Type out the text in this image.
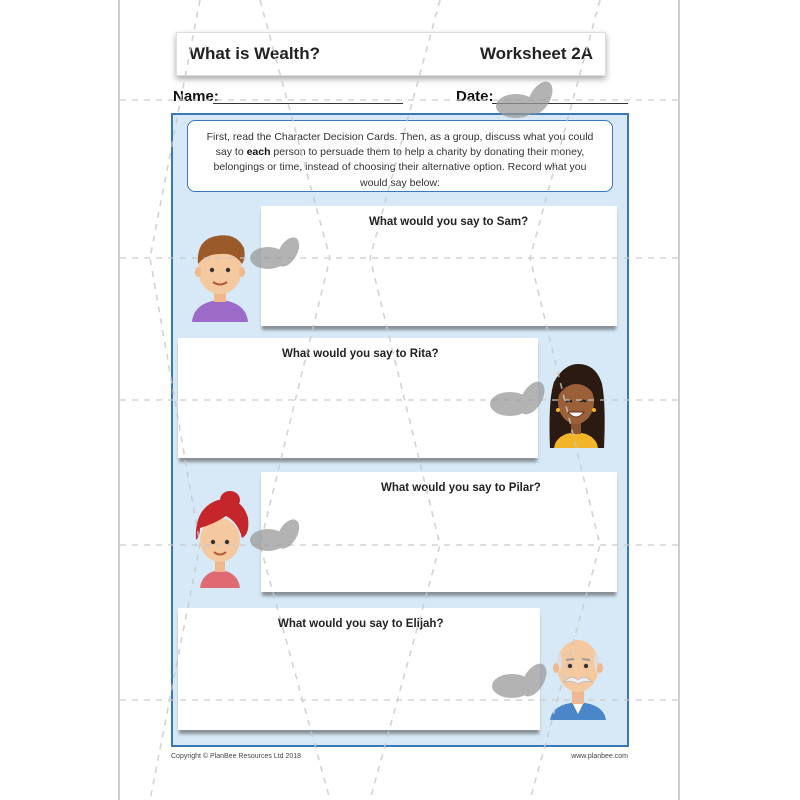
What is Wealth?	Worksheet 2A
Name:	Date:
First, read the Character Decision Cards. Then, as a group, discuss what you could say to each person to persuade them to help a charity by donating their money, belongings or time, instead of choosing their alternative option. Record what you would say below:
What would you say to Sam?
What would you say to Rita?
What would you say to Pilar?
What would you say to Elijah?
Copyright © PlanBee Resources Ltd 2018	www.planbee.com
